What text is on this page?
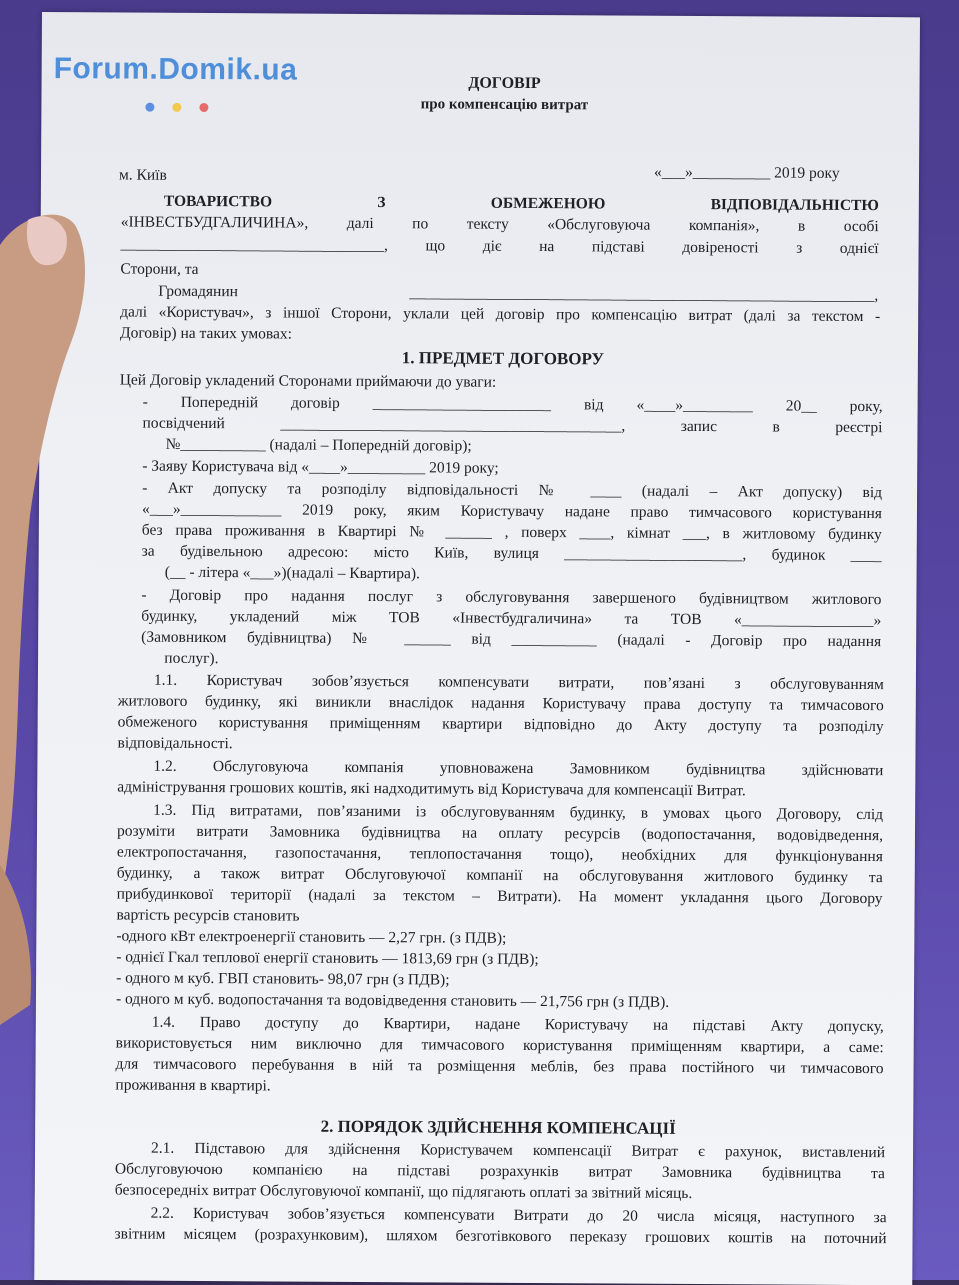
Forum.Domik.ua
	ДОГОВІР
про компенсацію витрат
м. Київ	«___»__________ 2019 року
ТОВАРИСТВО З ОБМЕЖЕНОЮ ВІДПОВІДАЛЬНІСТЮ
«ІНВЕСТБУДГАЛИЧИНА», далі по тексту «Обслуговуюча компанія», в особі
__________________________________, що діє на підставі довіреності з однієї
Сторони, та
Громадянин ____________________________________________________________,
далі «Користувач», з іншої Сторони, уклали цей договір про компенсацію витрат (далі за текстом -
Договір) на таких умовах:
1. ПРЕДМЕТ ДОГОВОРУ
Цей Договір укладений Сторонами приймаючи до уваги:
- Попередній договір _______________________ від «____»_________ 20__ року,
посвідчений ____________________________________________, запис в реєстрі
№___________ (надалі – Попередній договір);
- Заяву Користувача від «____»__________ 2019 року;
- Акт допуску та розподілу відповідальності № ____ (надалі – Акт допуску) від
«___»_____________ 2019 року, яким Користувачу надане право тимчасового користування
без права проживання в Квартирі № ______ , поверх ____, кімнат ___, в житловому будинку
за будівельною адресою: місто Київ, вулиця _______________________, будинок ____
(__ - літера «___»)(надалі – Квартира).
- Договір про надання послуг з обслуговування завершеного будівництвом житлового
будинку, укладений між ТОВ «Інвестбудгаличина» та ТОВ «_________________»
(Замовником будівництва) № ______ від ___________ (надалі - Договір про надання
послуг).
1.1. Користувач зобов’язується компенсувати витрати, пов’язані з обслуговуванням
житлового будинку, які виникли внаслідок надання Користувачу права доступу та тимчасового
обмеженого користування приміщенням квартири відповідно до Акту доступу та розподілу
відповідальності.
1.2. Обслуговуюча компанія уповноважена Замовником будівництва здійснювати
адміністрування грошових коштів, які надходитимуть від Користувача для компенсації Витрат.
1.3. Під витратами, пов’язаними із обслуговуванням будинку, в умовах цього Договору, слід
розуміти витрати Замовника будівництва на оплату ресурсів (водопостачання, водовідведення,
електропостачання, газопостачання, теплопостачання тощо), необхідних для функціонування
будинку, а також витрат Обслуговуючої компанії на обслуговування житлового будинку та
прибудинкової території (надалі за текстом – Витрати). На момент укладання цього Договору
вартість ресурсів становить
-одного кВт електроенергії становить — 2,27 грн. (з ПДВ);
- однієї Гкал теплової енергії становить — 1813,69 грн (з ПДВ);
- одного м куб. ГВП становить- 98,07 грн (з ПДВ);
- одного м куб. водопостачання та водовідведення становить — 21,756 грн (з ПДВ).
1.4. Право доступу до Квартири, надане Користувачу на підставі Акту допуску,
використовується ним виключно для тимчасового користування приміщенням квартири, а саме:
для тимчасового перебування в ній та розміщення меблів, без права постійного чи тимчасового
проживання в квартирі.
2. ПОРЯДОК ЗДІЙСНЕННЯ КОМПЕНСАЦІЇ
2.1. Підставою для здійснення Користувачем компенсації Витрат є рахунок, виставлений
Обслуговуючою компанією на підставі розрахунків витрат Замовника будівництва та
безпосередніх витрат Обслуговуючої компанії, що підлягають оплаті за звітний місяць.
2.2. Користувач зобов’язується компенсувати Витрати до 20 числа місяця, наступного за
звітним місяцем (розрахунковим), шляхом безготівкового переказу грошових коштів на поточний
